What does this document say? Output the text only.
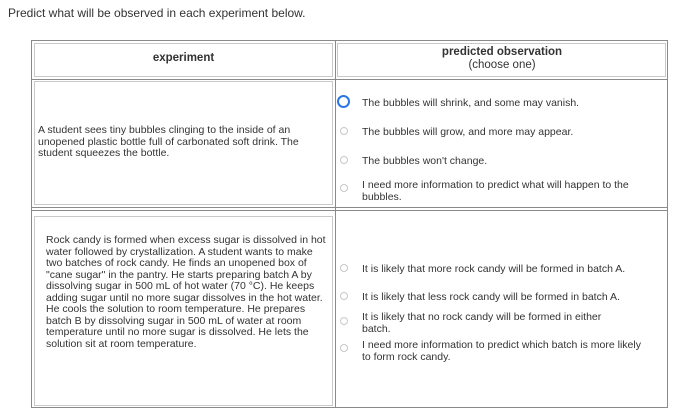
Predict what will be observed in each experiment below.
experiment	predicted observation
(choose one)
A student sees tiny bubbles clinging to the inside of an unopened plastic bottle full of carbonated soft drink. The student squeezes the bottle.
The bubbles will shrink, and some may vanish.
The bubbles will grow, and more may appear.
The bubbles won't change.
I need more information to predict what will happen to the bubbles.
Rock candy is formed when excess sugar is dissolved in hot water followed by crystallization. A student wants to make two batches of rock candy. He finds an unopened box of "cane sugar" in the pantry. He starts preparing batch A by dissolving sugar in 500 mL of hot water (70 °C). He keeps adding sugar until no more sugar dissolves in the hot water. He cools the solution to room temperature. He prepares batch B by dissolving sugar in 500 mL of water at room temperature until no more sugar is dissolved. He lets the solution sit at room temperature.
It is likely that more rock candy will be formed in batch A.
It is likely that less rock candy will be formed in batch A.
It is likely that no rock candy will be formed in either batch.
I need more information to predict which batch is more likely to form rock candy.
